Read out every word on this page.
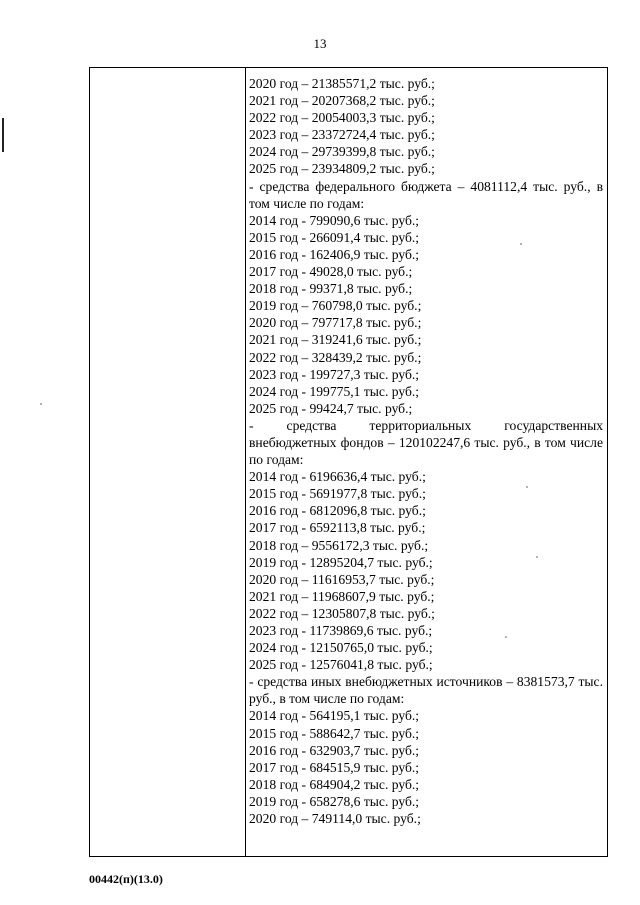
13
2020 год – 21385571,2 тыс. руб.;
2021 год – 20207368,2 тыс. руб.;
2022 год – 20054003,3 тыс. руб.;
2023 год – 23372724,4 тыс. руб.;
2024 год – 29739399,8 тыс. руб.;
2025 год – 23934809,2 тыс. руб.;
- средства федерального бюджета – 4081112,4 тыс. руб., в том числе по годам:
2014 год - 799090,6 тыс. руб.;
2015 год - 266091,4 тыс. руб.;
2016 год - 162406,9 тыс. руб.;
2017 год - 49028,0 тыс. руб.;
2018 год - 99371,8 тыс. руб.;
2019 год – 760798,0 тыс. руб.;
2020 год – 797717,8 тыс. руб.;
2021 год – 319241,6 тыс. руб.;
2022 год – 328439,2 тыс. руб.;
2023 год - 199727,3 тыс. руб.;
2024 год - 199775,1 тыс. руб.;
2025 год - 99424,7 тыс. руб.;
- средства территориальных государственных внебюджетных фондов – 120102247,6 тыс. руб., в том числе по годам:
2014 год - 6196636,4 тыс. руб.;
2015 год - 5691977,8 тыс. руб.;
2016 год - 6812096,8 тыс. руб.;
2017 год - 6592113,8 тыс. руб.;
2018 год – 9556172,3 тыс. руб.;
2019 год - 12895204,7 тыс. руб.;
2020 год – 11616953,7 тыс. руб.;
2021 год – 11968607,9 тыс. руб.;
2022 год – 12305807,8 тыс. руб.;
2023 год - 11739869,6 тыс. руб.;
2024 год - 12150765,0 тыс. руб.;
2025 год - 12576041,8 тыс. руб.;
- средства иных внебюджетных источников – 8381573,7 тыс. руб., в том числе по годам:
2014 год - 564195,1 тыс. руб.;
2015 год - 588642,7 тыс. руб.;
2016 год - 632903,7 тыс. руб.;
2017 год - 684515,9 тыс. руб.;
2018 год - 684904,2 тыс. руб.;
2019 год - 658278,6 тыс. руб.;
2020 год – 749114,0 тыс. руб.;
00442(п)(13.0)
